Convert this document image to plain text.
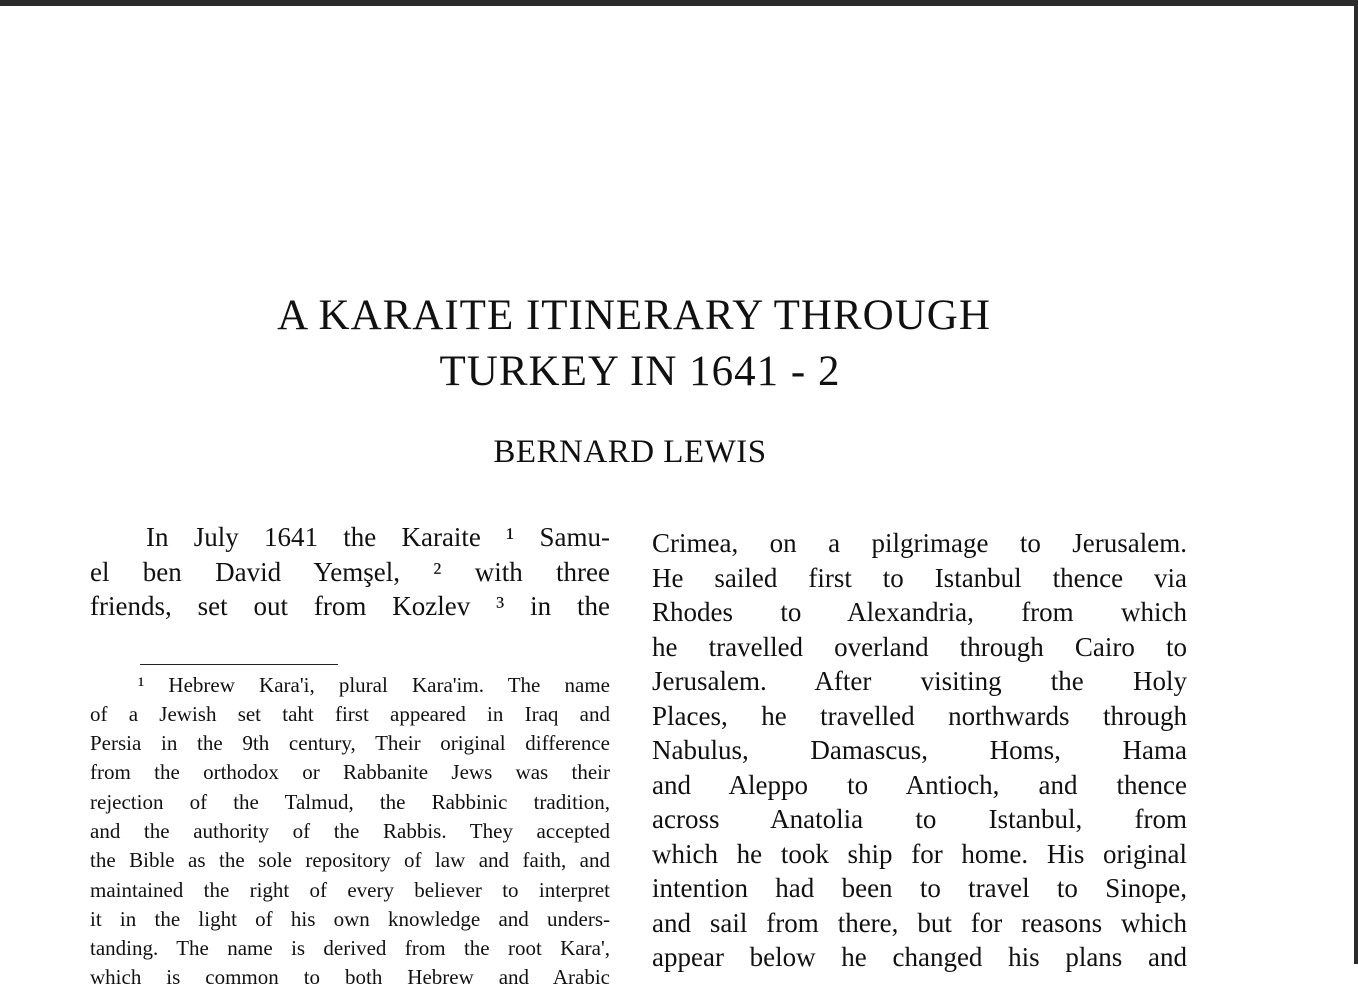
A KARAITE ITINERARY THROUGH
TURKEY IN 1641 - 2
BERNARD LEWIS
In July 1641 the Karaite ¹ Samu-
el ben David Yemşel, ² with three
friends, set out from Kozlev ³ in the
¹ Hebrew Kara'i, plural Kara'im. The name
of a Jewish set taht first appeared in Iraq and
Persia in the 9th century, Their original difference
from the orthodox or Rabbanite Jews was their
rejection of the Talmud, the Rabbinic tradition,
and the authority of the Rabbis. They accepted
the Bible as the sole repository of law and faith, and
maintained the right of every believer to interpret
it in the light of his own knowledge and unders-
tanding. The name is derived from the root Kara',
which is common to both Hebrew and Arabic
Crimea, on a pilgrimage to Jerusalem.
He sailed first to Istanbul thence via
Rhodes to Alexandria, from which
he travelled overland through Cairo to
Jerusalem. After visiting the Holy
Places, he travelled northwards through
Nabulus, Damascus, Homs, Hama
and Aleppo to Antioch, and thence
across Anatolia to Istanbul, from
which he took ship for home. His original
intention had been to travel to Sinope,
and sail from there, but for reasons which
appear below he changed his plans and
